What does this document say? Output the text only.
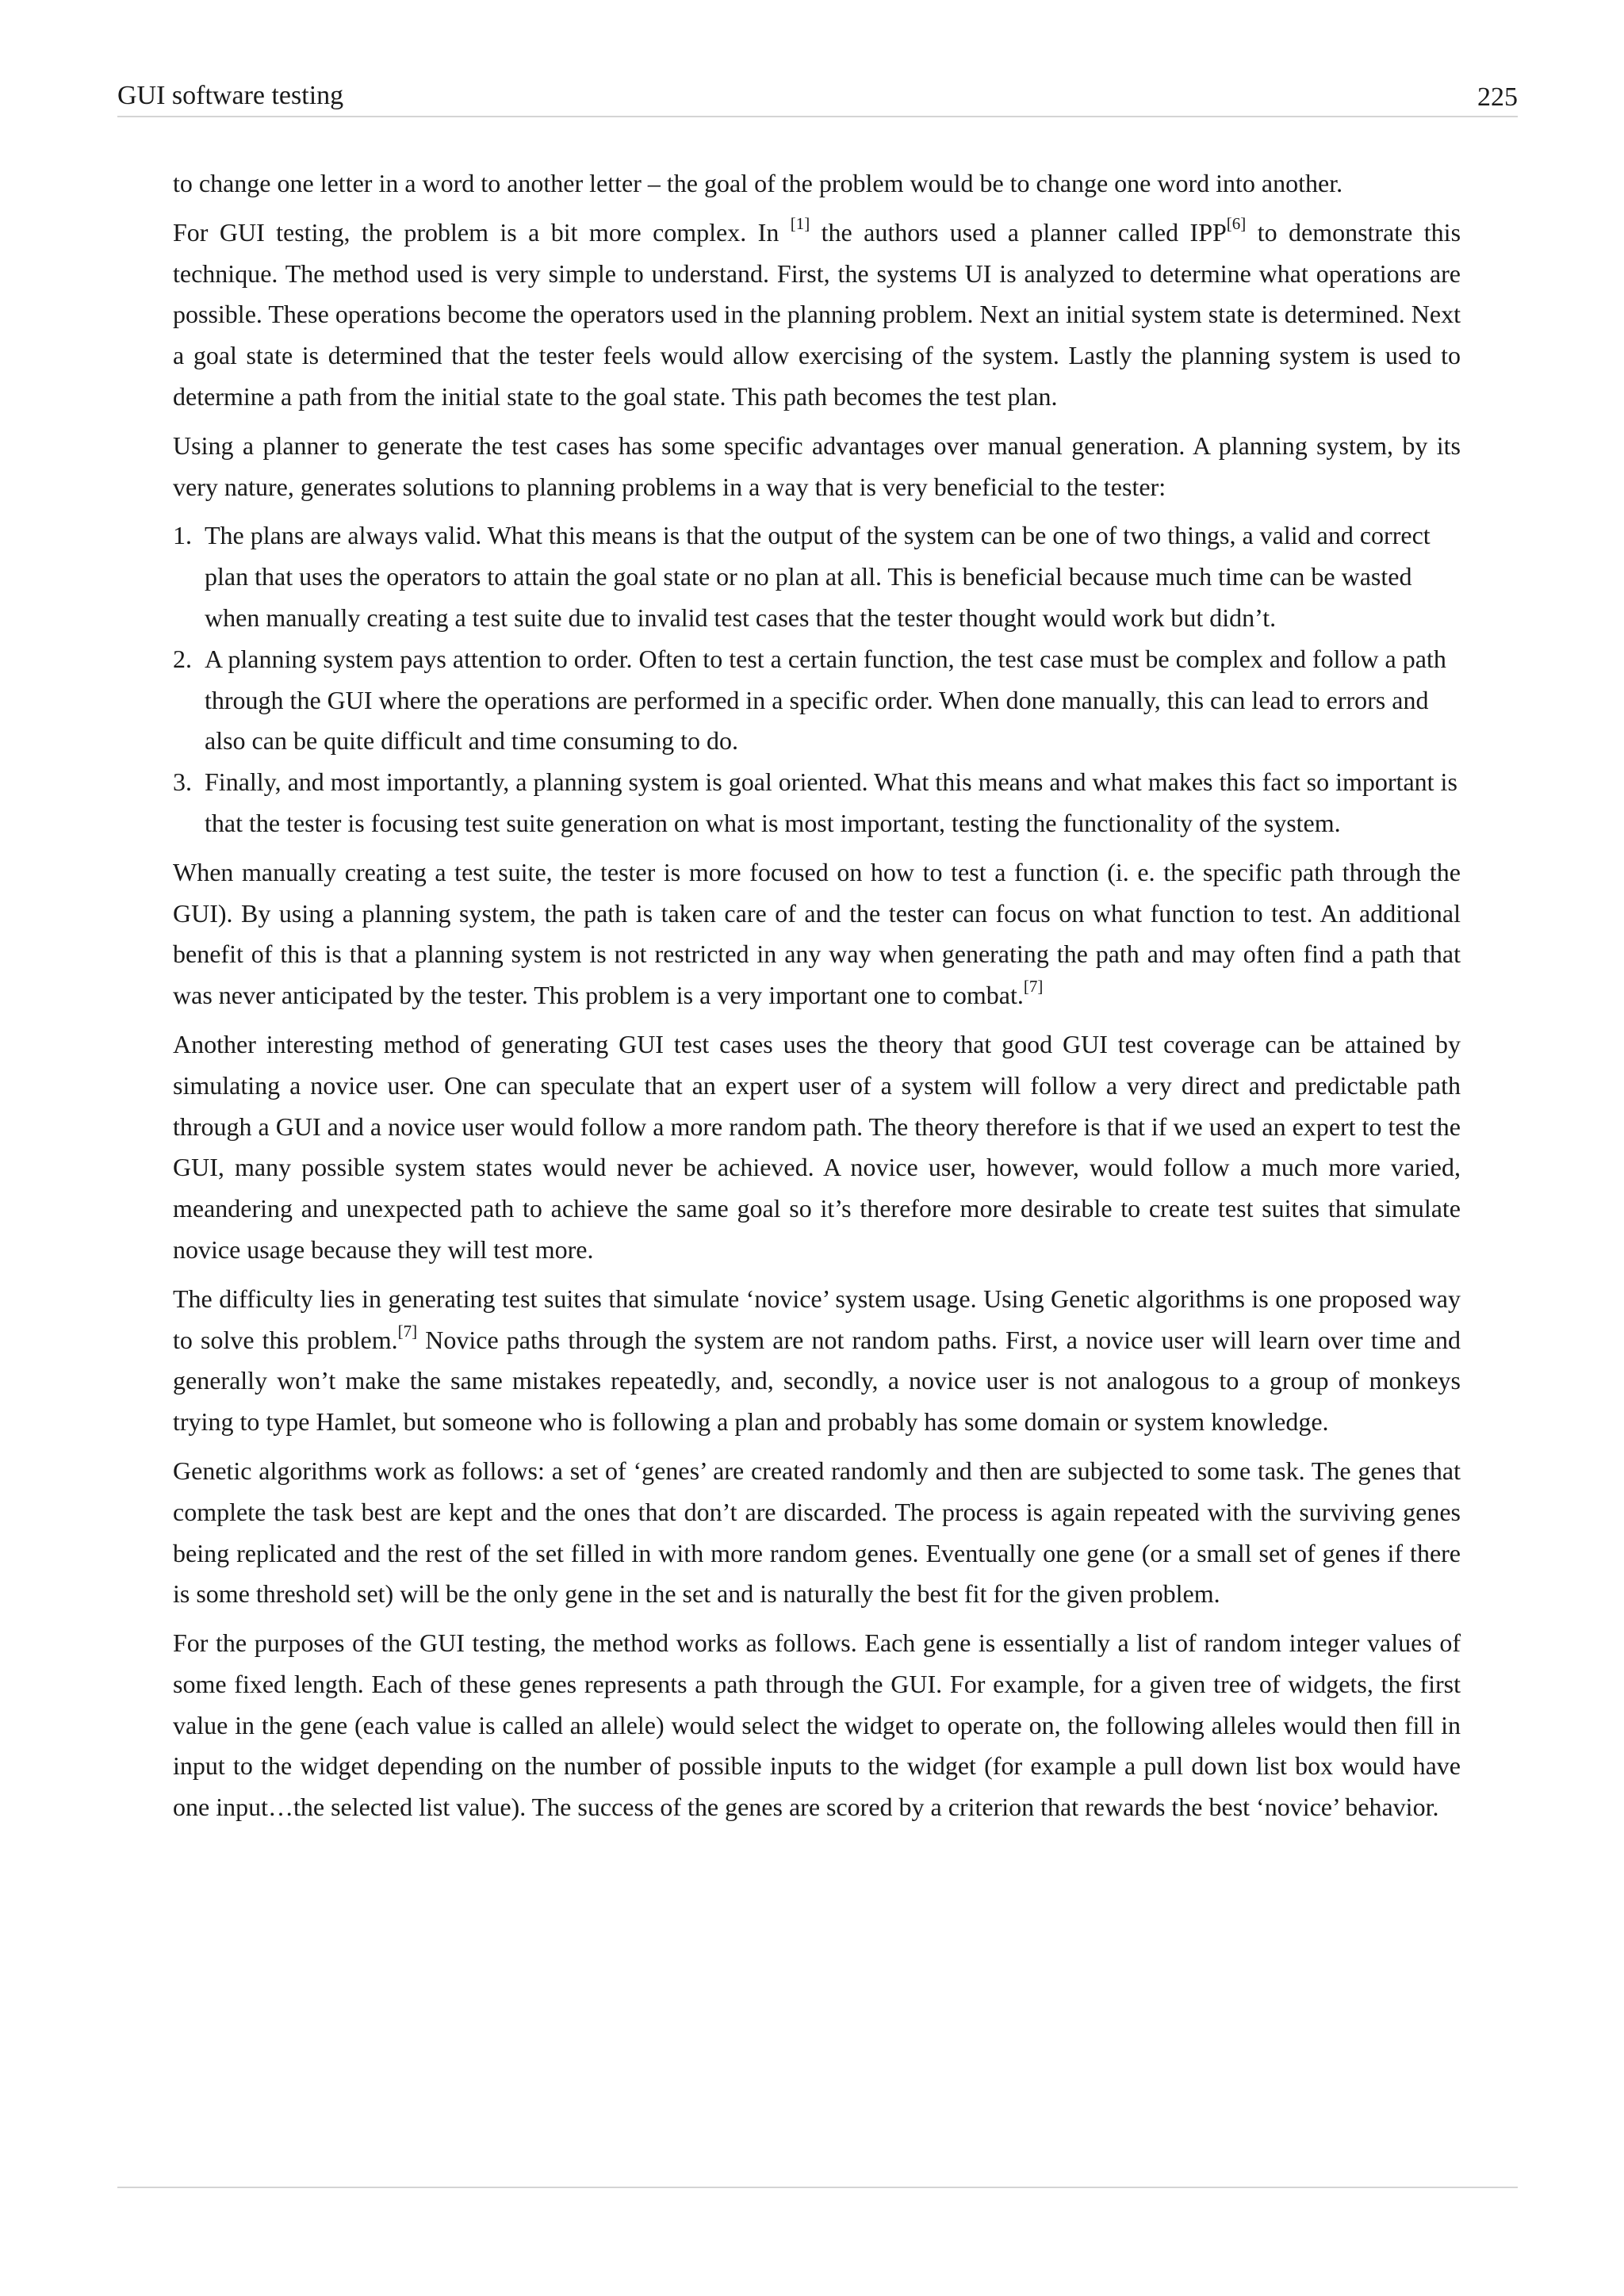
GUI software testing	225

to change one letter in a word to another letter – the goal of the problem would be to change one word into another.

For GUI testing, the problem is a bit more complex. In [1] the authors used a planner called IPP[6] to demonstrate this technique. The method used is very simple to understand. First, the systems UI is analyzed to determine what operations are possible. These operations become the operators used in the planning problem. Next an initial system state is determined. Next a goal state is determined that the tester feels would allow exercising of the system. Lastly the planning system is used to determine a path from the initial state to the goal state. This path becomes the test plan.

Using a planner to generate the test cases has some specific advantages over manual generation. A planning system, by its very nature, generates solutions to planning problems in a way that is very beneficial to the tester:

1. The plans are always valid. What this means is that the output of the system can be one of two things, a valid and correct plan that uses the operators to attain the goal state or no plan at all. This is beneficial because much time can be wasted when manually creating a test suite due to invalid test cases that the tester thought would work but didn’t.
2. A planning system pays attention to order. Often to test a certain function, the test case must be complex and follow a path through the GUI where the operations are performed in a specific order. When done manually, this can lead to errors and also can be quite difficult and time consuming to do.
3. Finally, and most importantly, a planning system is goal oriented. What this means and what makes this fact so important is that the tester is focusing test suite generation on what is most important, testing the functionality of the system.

When manually creating a test suite, the tester is more focused on how to test a function (i. e. the specific path through the GUI). By using a planning system, the path is taken care of and the tester can focus on what function to test. An additional benefit of this is that a planning system is not restricted in any way when generating the path and may often find a path that was never anticipated by the tester. This problem is a very important one to combat.[7]

Another interesting method of generating GUI test cases uses the theory that good GUI test coverage can be attained by simulating a novice user. One can speculate that an expert user of a system will follow a very direct and predictable path through a GUI and a novice user would follow a more random path. The theory therefore is that if we used an expert to test the GUI, many possible system states would never be achieved. A novice user, however, would follow a much more varied, meandering and unexpected path to achieve the same goal so it’s therefore more desirable to create test suites that simulate novice usage because they will test more.

The difficulty lies in generating test suites that simulate ‘novice’ system usage. Using Genetic algorithms is one proposed way to solve this problem.[7] Novice paths through the system are not random paths. First, a novice user will learn over time and generally won’t make the same mistakes repeatedly, and, secondly, a novice user is not analogous to a group of monkeys trying to type Hamlet, but someone who is following a plan and probably has some domain or system knowledge.

Genetic algorithms work as follows: a set of ‘genes’ are created randomly and then are subjected to some task. The genes that complete the task best are kept and the ones that don’t are discarded. The process is again repeated with the surviving genes being replicated and the rest of the set filled in with more random genes. Eventually one gene (or a small set of genes if there is some threshold set) will be the only gene in the set and is naturally the best fit for the given problem.

For the purposes of the GUI testing, the method works as follows. Each gene is essentially a list of random integer values of some fixed length. Each of these genes represents a path through the GUI. For example, for a given tree of widgets, the first value in the gene (each value is called an allele) would select the widget to operate on, the following alleles would then fill in input to the widget depending on the number of possible inputs to the widget (for example a pull down list box would have one input…the selected list value). The success of the genes are scored by a criterion that rewards the best ‘novice’ behavior.
